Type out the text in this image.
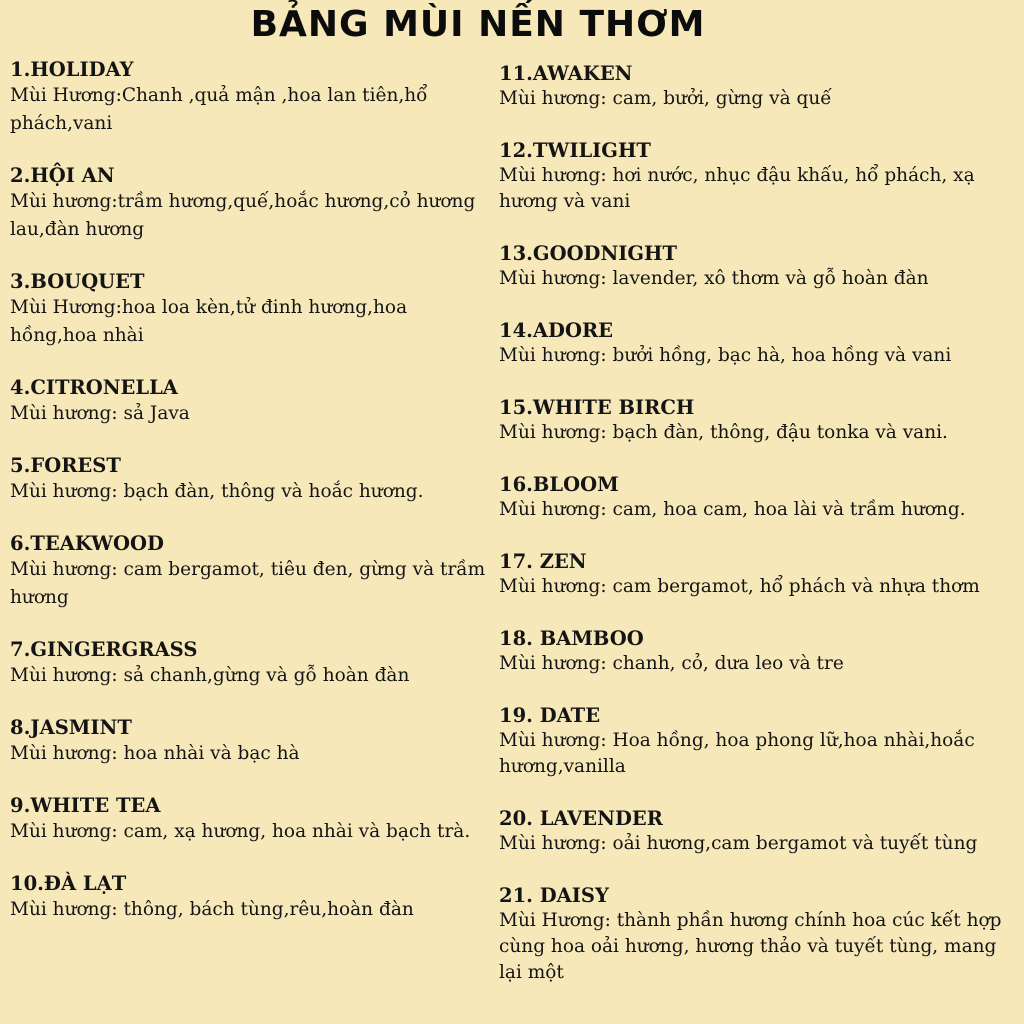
BẢNG MÙI NẾN THƠM
1.HOLIDAY
Mùi Hương:Chanh ,quả mận ,hoa lan tiên,hổ phách,vani
2.HỘI AN
Mùi hương:trầm hương,quế,hoắc hương,cỏ hương lau,đàn hương
3.BOUQUET
Mùi Hương:hoa loa kèn,tử đinh hương,hoa hồng,hoa nhài
4.CITRONELLA
Mùi hương: sả Java
5.FOREST
Mùi hương: bạch đàn, thông và hoắc hương.
6.TEAKWOOD
Mùi hương: cam bergamot, tiêu đen, gừng và trầm hương
7.GINGERGRASS
Mùi hương: sả chanh,gừng và gỗ hoàn đàn
8.JASMINT
Mùi hương: hoa nhài và bạc hà
9.WHITE TEA
Mùi hương: cam, xạ hương, hoa nhài và bạch trà.
10.ĐÀ LẠT
Mùi hương: thông, bách tùng,rêu,hoàn đàn
11.AWAKEN
Mùi hương: cam, bưởi, gừng và quế
12.TWILIGHT
Mùi hương: hơi nước, nhục đậu khấu, hổ phách, xạ hương và vani
13.GOODNIGHT
Mùi hương: lavender, xô thơm và gỗ hoàn đàn
14.ADORE
Mùi hương: bưởi hồng, bạc hà, hoa hồng và vani
15.WHITE BIRCH
Mùi hương: bạch đàn, thông, đậu tonka và vani.
16.BLOOM
Mùi hương: cam, hoa cam, hoa lài và trầm hương.
17. ZEN
Mùi hương: cam bergamot, hổ phách và nhựa thơm
18. BAMBOO
Mùi hương: chanh, cỏ, dưa leo và tre
19. DATE
Mùi hương: Hoa hồng, hoa phong lữ,hoa nhài,hoắc hương,vanilla
20. LAVENDER
Mùi hương: oải hương,cam bergamot và tuyết tùng
21. DAISY
Mùi Hương: thành phần hương chính hoa cúc kết hợp cùng hoa oải hương, hương thảo và tuyết tùng, mang lại một
